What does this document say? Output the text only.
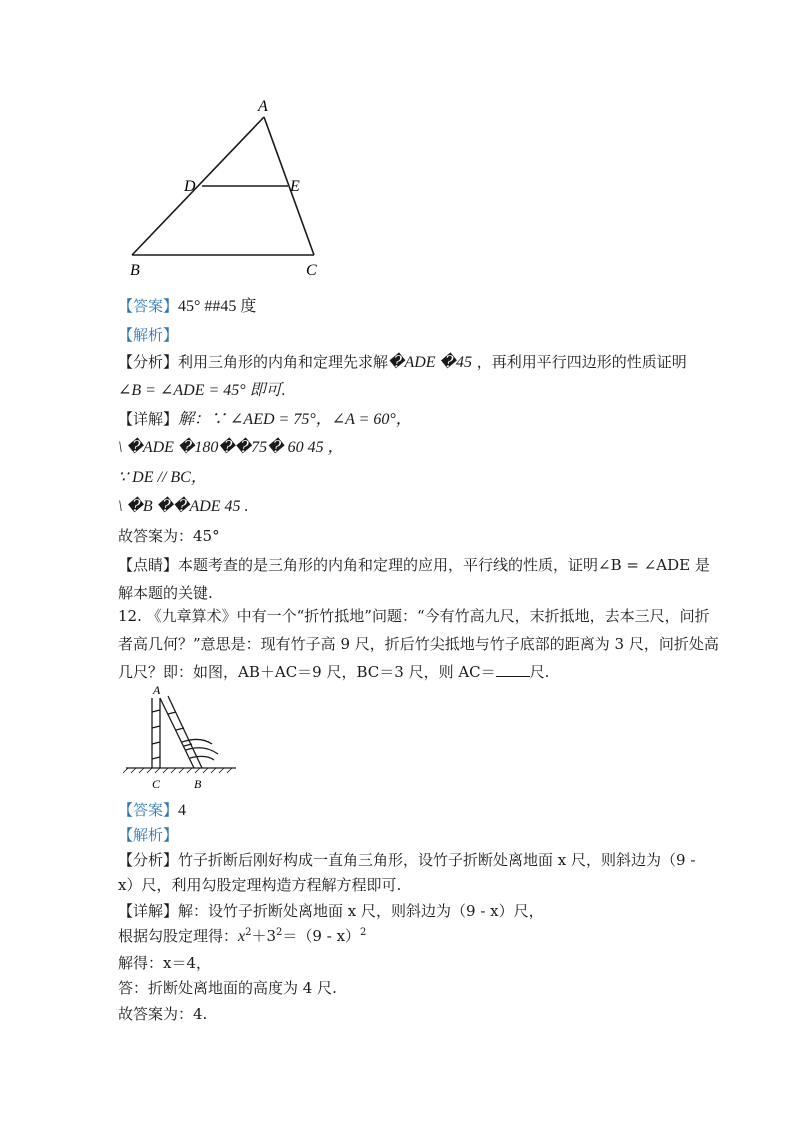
A
D	E
B	C
【答案】45° ##45 度
【解析】
【分析】利用三角形的内角和定理先求解�ADE �45 ，再利用平行四边形的性质证明
∠B = ∠ADE = 45° 即可.
【详解】解：∵ ∠AED = 75°，∠A = 60°，
\ �ADE �180��75� 60 45 ，
∵ DE // BC，
\ �B ��ADE 45 .
故答案为：45°
【点睛】本题考查的是三角形的内角和定理的应用，平行线的性质，证明∠B = ∠ADE 是
解本题的关键.
12. 《九章算术》中有一个“折竹抵地”问题：“今有竹高九尺，末折抵地，去本三尺，问折
者高几何？”意思是：现有竹子高 9 尺，折后竹尖抵地与竹子底部的距离为 3 尺，问折处高
几尺？即：如图，AB＋AC＝9 尺，BC＝3 尺，则 AC＝ 尺.
A
C	B
【答案】4
【解析】
【分析】竹子折断后刚好构成一直角三角形，设竹子折断处离地面 x 尺，则斜边为（9 -
x）尺，利用勾股定理构造方程解方程即可.
【详解】解：设竹子折断处离地面 x 尺，则斜边为（9 - x）尺，
根据勾股定理得：$x^2+3^2=(9 - x)^2$
解得：x＝4，
答：折断处离地面的高度为 4 尺.
故答案为：4.
